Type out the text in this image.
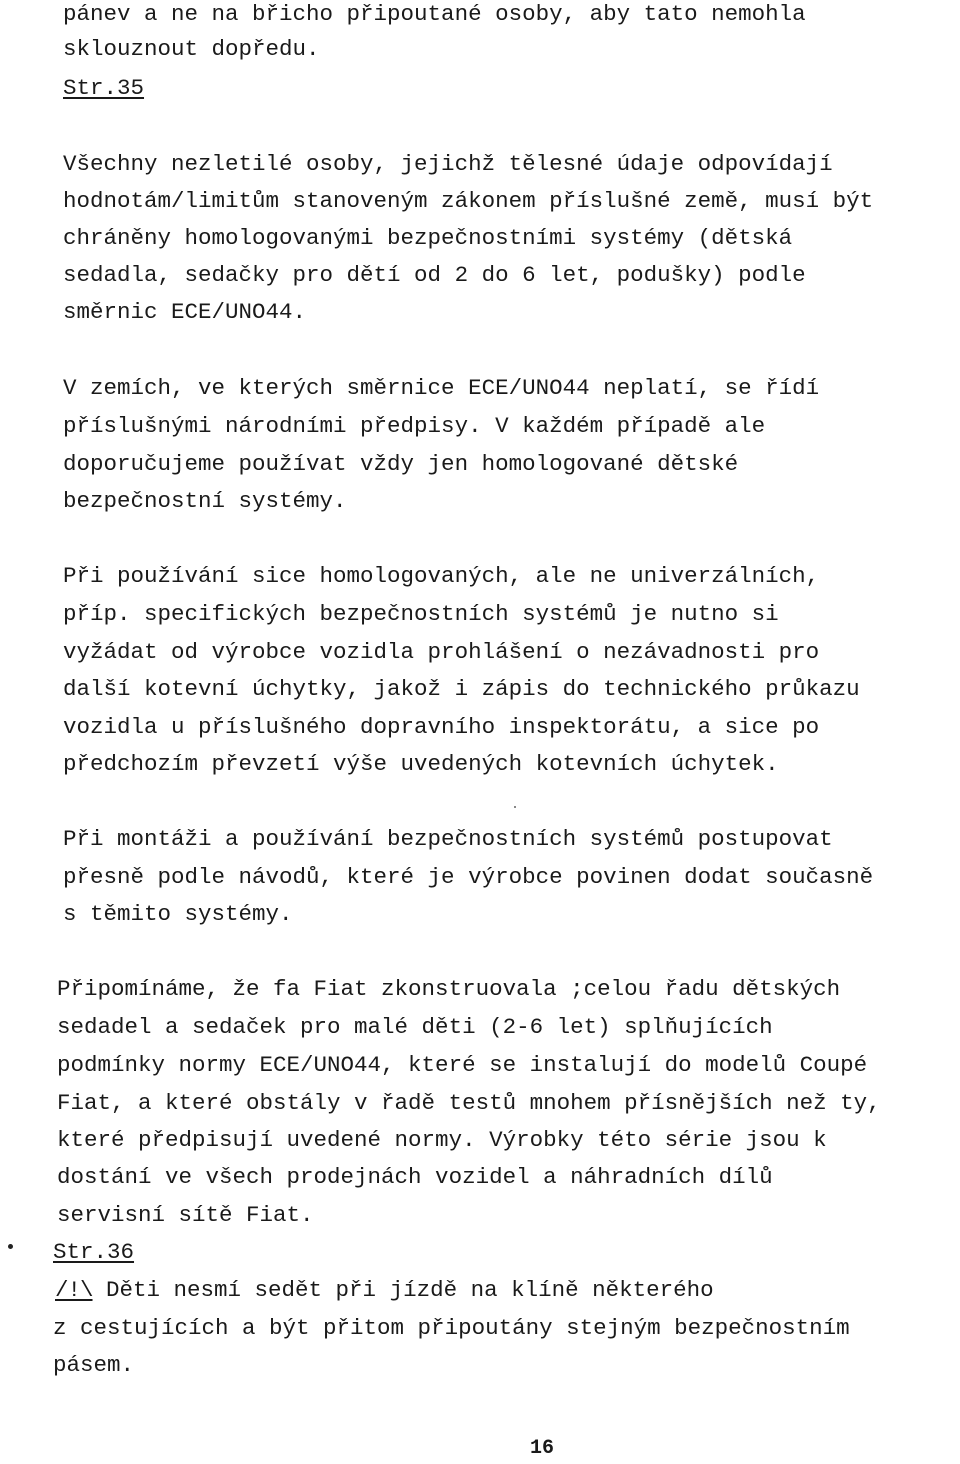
pánev a ne na břicho připoutané osoby, aby tato nemohla

sklouznout dopředu.

Str.35

Všechny nezletilé osoby, jejichž tělesné údaje odpovídají

hodnotám/limitům stanoveným zákonem příslušné země, musí být

chráněny homologovanými bezpečnostními systémy (dětská

sedadla, sedačky pro dětí od 2 do 6 let, podušky) podle

směrnic ECE/UNO44.

V zemích, ve kterých směrnice ECE/UNO44 neplatí, se řídí

příslušnými národními předpisy. V každém případě ale

doporučujeme používat vždy jen homologované dětské

bezpečnostní systémy.

Při používání sice homologovaných, ale ne univerzálních,

příp. specifických bezpečnostních systémů je nutno si

vyžádat od výrobce vozidla prohlášení o nezávadnosti pro

další kotevní úchytky, jakož i zápis do technického průkazu

vozidla u příslušného dopravního inspektorátu, a sice po

předchozím převzetí výše uvedených kotevních úchytek.

Při montáži a používání bezpečnostních systémů postupovat

přesně podle návodů, které je výrobce povinen dodat současně

s těmito systémy.

Připomínáme, že fa Fiat zkonstruovala ;celou řadu dětských

sedadel a sedaček pro malé děti (2-6 let) splňujících

podmínky normy ECE/UNO44, které se instalují do modelů Coupé

Fiat, a které obstály v řadě testů mnohem přísnějších než ty,

které předpisují uvedené normy. Výrobky této série jsou k

dostání ve všech prodejnách vozidel a náhradních dílů

servisní sítě Fiat.

Str.36

/!\ Děti nesmí sedět při jízdě na klíně některého

z cestujících a být přitom připoutány stejným bezpečnostním

pásem.

16
